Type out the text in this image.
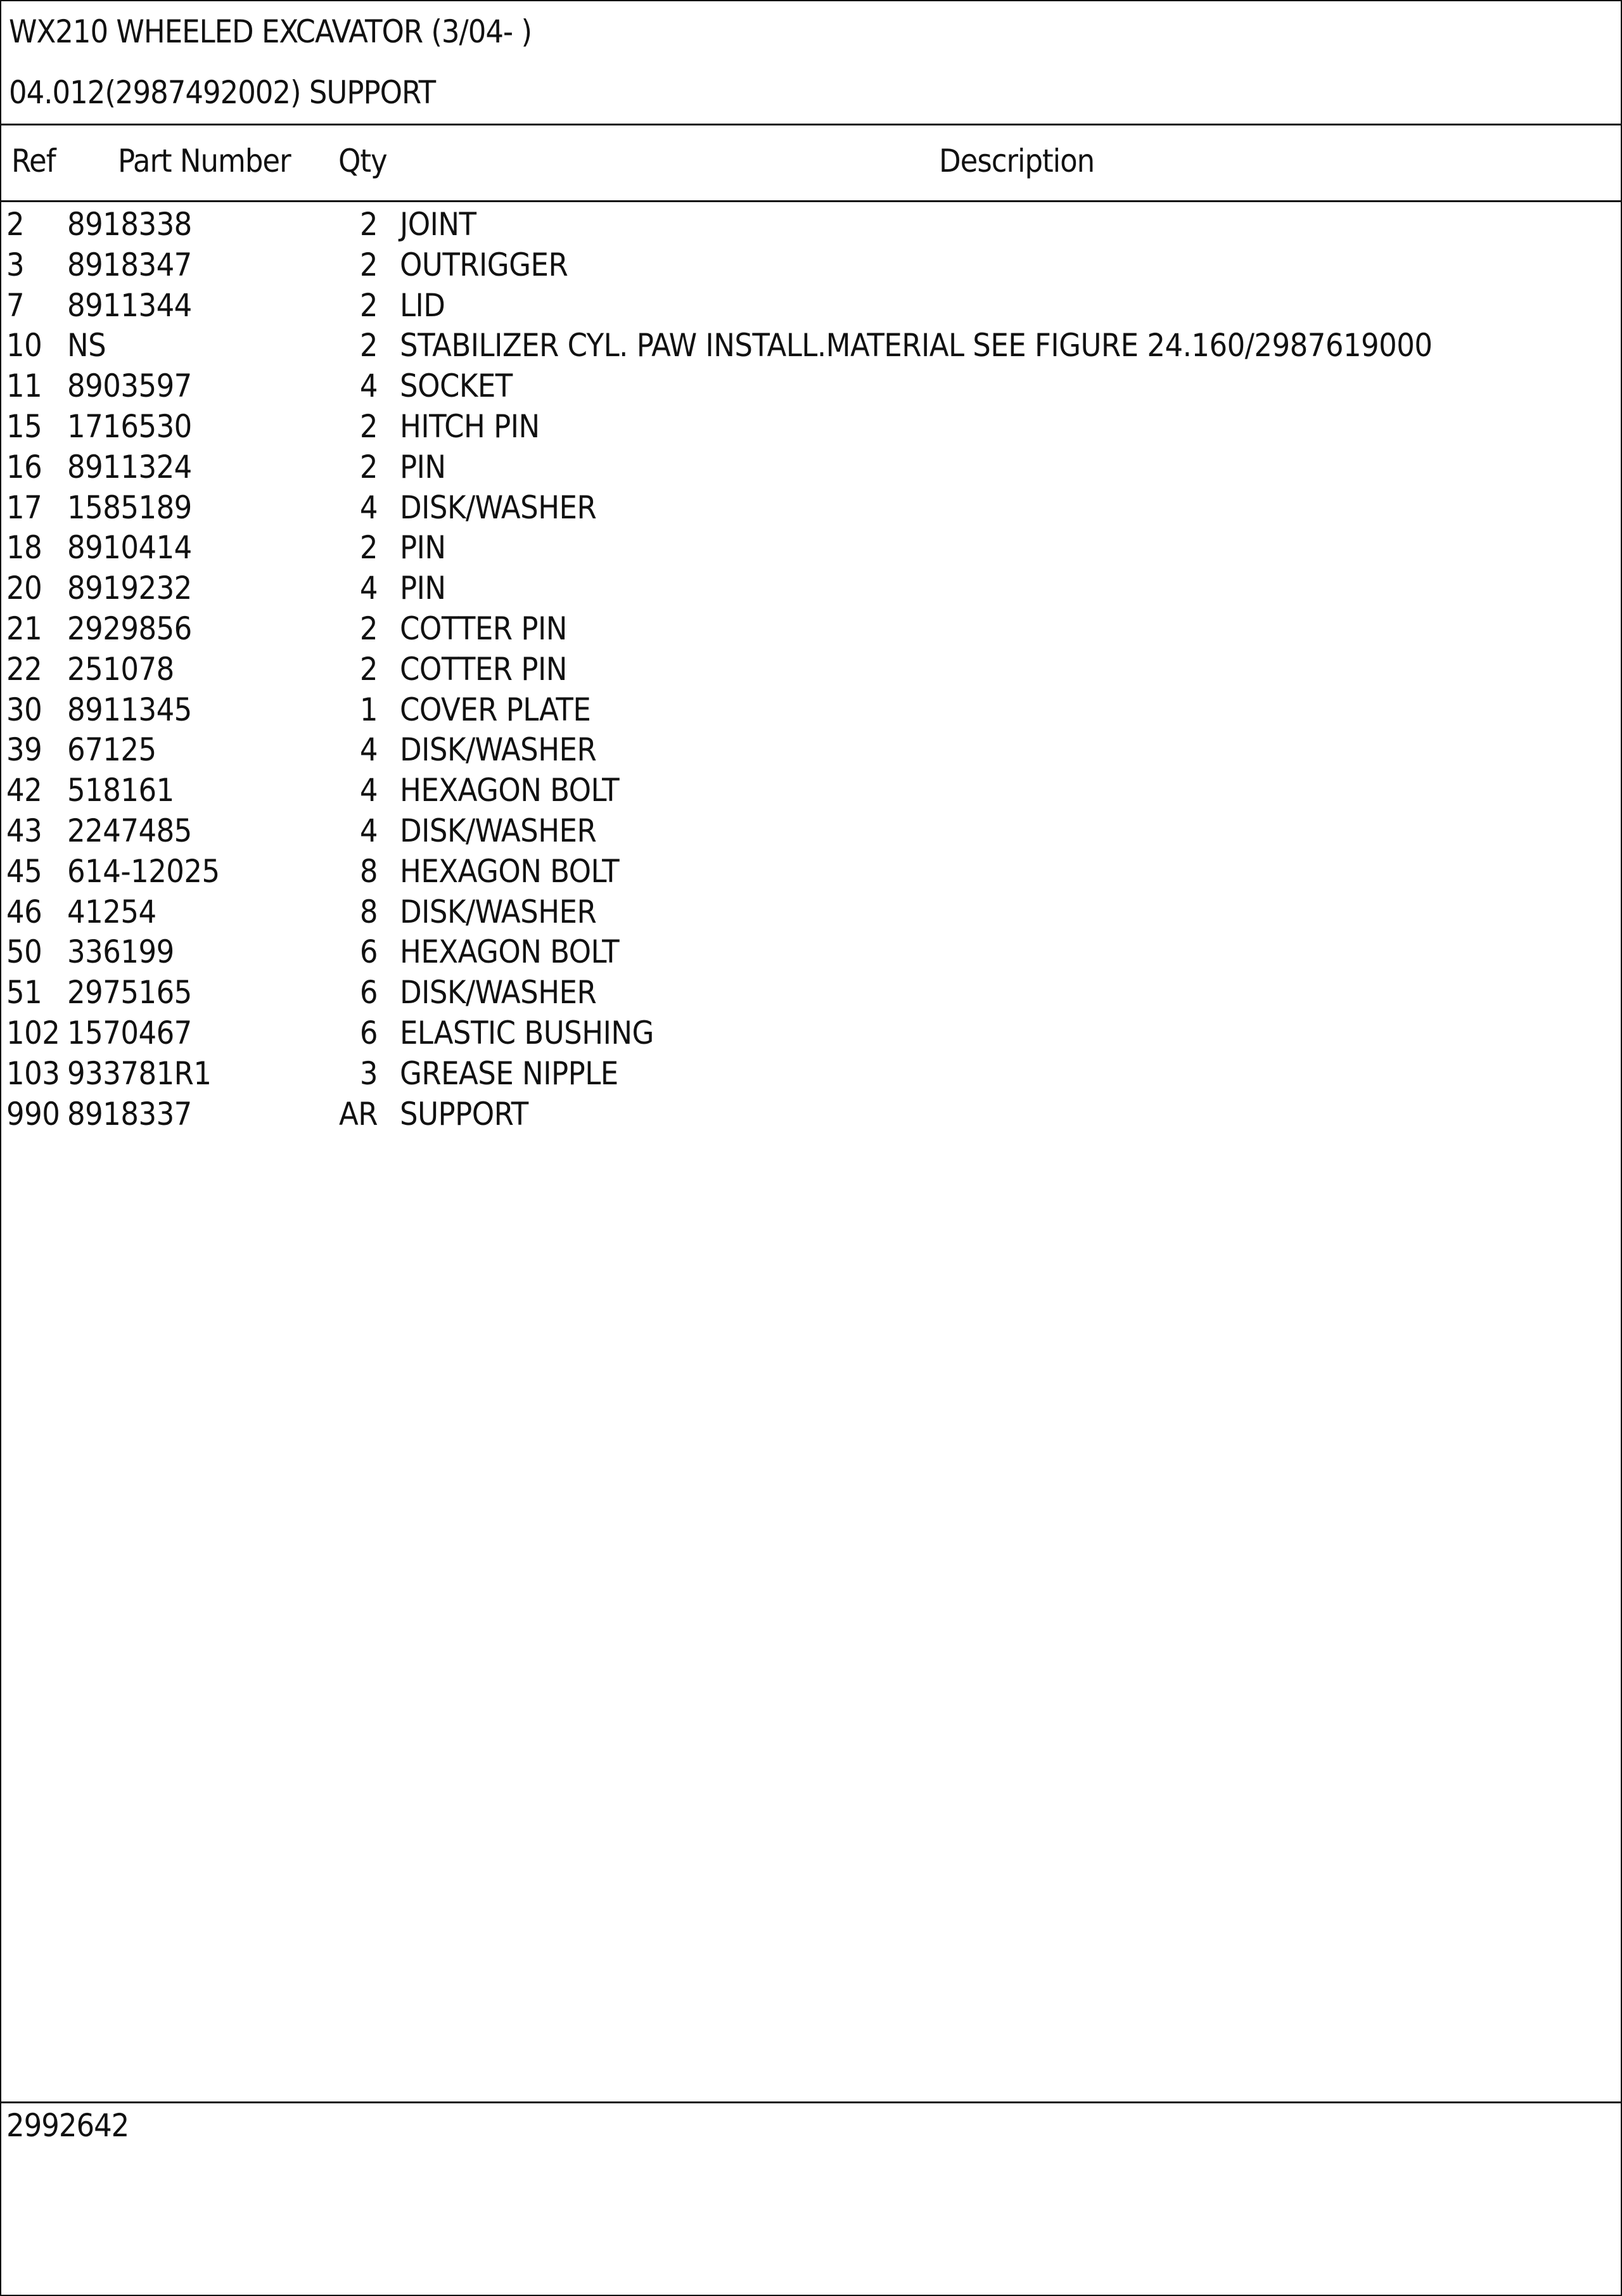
WX210 WHEELED EXCAVATOR (3/04- )
04.012(2987492002) SUPPORT
Ref Part Number Qty	Description
2 8918338	2 JOINT
3 8918347	2 OUTRIGGER
7 8911344	2 LID
10 NS	2 STABILIZER CYL. PAW INSTALL.MATERIAL SEE FIGURE 24.160/2987619000
11 8903597	4 SOCKET
15 1716530	2 HITCH PIN
16 8911324	2 PIN
17 1585189	4 DISK/WASHER
18 8910414	2 PIN
20 8919232	4 PIN
21 2929856	2 COTTER PIN
22 251078	2 COTTER PIN
30 8911345	1 COVER PLATE
39 67125	4 DISK/WASHER
42 518161	4 HEXAGON BOLT
43 2247485	4 DISK/WASHER
45 614-12025	8 HEXAGON BOLT
46 41254	8 DISK/WASHER
50 336199	6 HEXAGON BOLT
51 2975165	6 DISK/WASHER
102 1570467	6 ELASTIC BUSHING
103 933781R1	3 GREASE NIPPLE
990 8918337	AR SUPPORT
2992642
